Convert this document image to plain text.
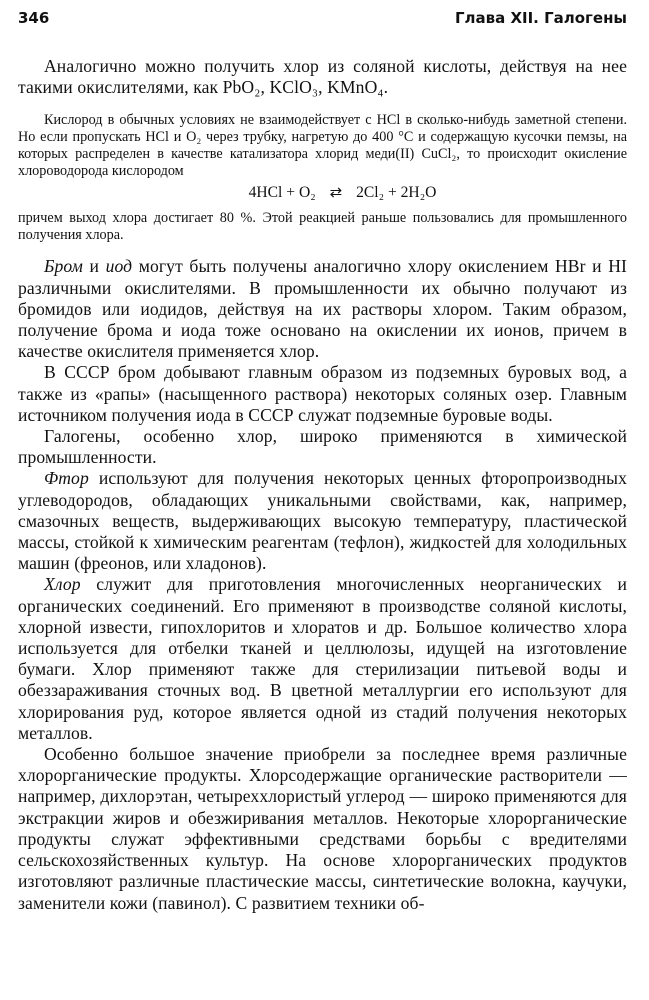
346	Глава XII. Галогены

Аналогично можно получить хлор из соляной кислоты, действуя на нее такими окислителями, как PbO₂, KClO₃, KMnO₄.

Кислород в обычных условиях не взаимодействует с HCl в сколько-нибудь заметной степени. Но если пропускать HCl и O₂ через трубку, нагретую до 400 °C и содержащую кусочки пемзы, на которых распределен в качестве катализатора хлорид меди(II) CuCl₂, то происходит окисление хлороводорода кислородом

4HCl + O₂ ⇄ 2Cl₂ + 2H₂O

причем выход хлора достигает 80 %. Этой реакцией раньше пользовались для промышленного получения хлора.

Бром и иод могут быть получены аналогично хлору окислением HBr и HI различными окислителями. В промышленности их обычно получают из бромидов или иодидов, действуя на их растворы хлором. Таким образом, получение брома и иода тоже основано на окислении их ионов, причем в качестве окислителя применяется хлор.

В СССР бром добывают главным образом из подземных буровых вод, а также из «рапы» (насыщенного раствора) некоторых соляных озер. Главным источником получения иода в СССР служат подземные буровые воды.

Галогены, особенно хлор, широко применяются в химической промышленности.

Фтор используют для получения некоторых ценных фторопроизводных углеводородов, обладающих уникальными свойствами, как, например, смазочных веществ, выдерживающих высокую температуру, пластической массы, стойкой к химическим реагентам (тефлон), жидкостей для холодильных машин (фреонов, или хладонов).

Хлор служит для приготовления многочисленных неорганических и органических соединений. Его применяют в производстве соляной кислоты, хлорной извести, гипохлоритов и хлоратов и др. Большое количество хлора используется для отбелки тканей и целлюлозы, идущей на изготовление бумаги. Хлор применяют также для стерилизации питьевой воды и обеззараживания сточных вод. В цветной металлургии его используют для хлорирования руд, которое является одной из стадий получения некоторых металлов.

Особенно большое значение приобрели за последнее время различные хлорорганические продукты. Хлорсодержащие органические растворители — например, дихлорэтан, четыреххлористый углерод — широко применяются для экстракции жиров и обезжиривания металлов. Некоторые хлорорганические продукты служат эффективными средствами борьбы с вредителями сельскохозяйственных культур. На основе хлорорганических продуктов изготовляют различные пластические массы, синтетические волокна, каучуки, заменители кожи (павинол). С развитием техники об-
